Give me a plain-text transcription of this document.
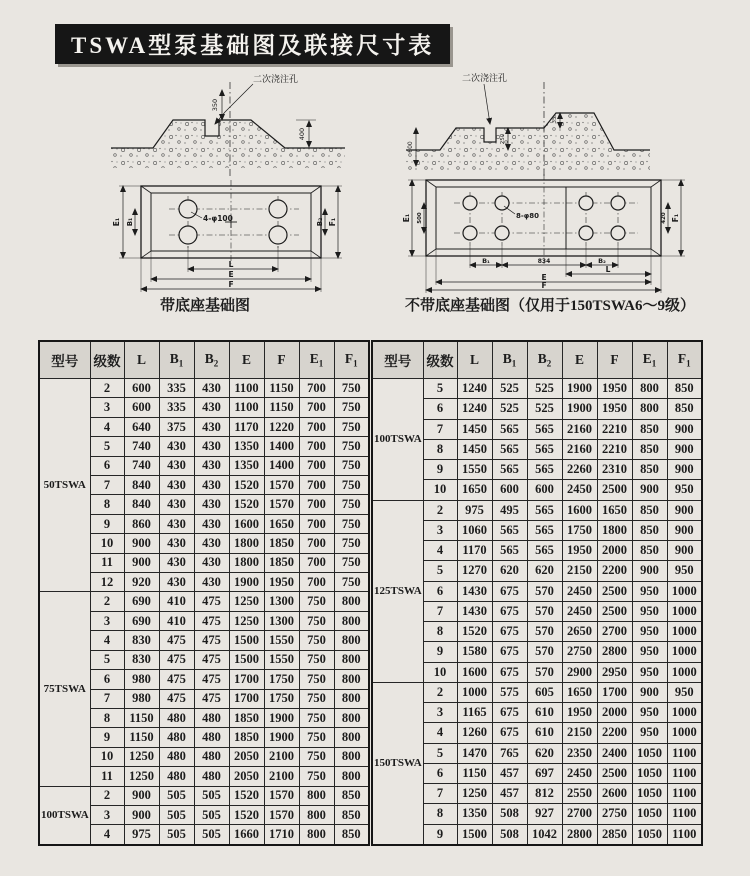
TSWA型泵基础图及联接尺寸表
350
二次浇注孔
400
4-φ100
E₁ B₁	B₂ F₁
L
E
F
二次浇注孔
600
250
35
8-φ80
E₁ 500	420 F₁
B₁	834	B₂
L
E
F
带底座基础图	不带底座基础图（仅用于150TSWA6～9级）
型号	级数	L	$B_1$	$B_2$	E	F	$E_1$	$F_1$
50TSWA	2	600	335	430	1100	1150	700	750
	3	600	335	430	1100	1150	700	750
	4	640	375	430	1170	1220	700	750
	5	740	430	430	1350	1400	700	750
	6	740	430	430	1350	1400	700	750
	7	840	430	430	1520	1570	700	750
	8	840	430	430	1520	1570	700	750
	9	860	430	430	1600	1650	700	750
	10	900	430	430	1800	1850	700	750
	11	900	430	430	1800	1850	700	750
	12	920	430	430	1900	1950	700	750
75TSWA	2	690	410	475	1250	1300	750	800
	3	690	410	475	1250	1300	750	800
	4	830	475	475	1500	1550	750	800
	5	830	475	475	1500	1550	750	800
	6	980	475	475	1700	1750	750	800
	7	980	475	475	1700	1750	750	800
	8	1150	480	480	1850	1900	750	800
	9	1150	480	480	1850	1900	750	800
	10	1250	480	480	2050	2100	750	800
	11	1250	480	480	2050	2100	750	800
100TSWA	2	900	505	505	1520	1570	800	850
	3	900	505	505	1520	1570	800	850
	4	975	505	505	1660	1710	800	850
型号	级数	L	$B_1$	$B_2$	E	F	$E_1$	$F_1$
100TSWA	5	1240	525	525	1900	1950	800	850
	6	1240	525	525	1900	1950	800	850
	7	1450	565	565	2160	2210	850	900
	8	1450	565	565	2160	2210	850	900
	9	1550	565	565	2260	2310	850	900
	10	1650	600	600	2450	2500	900	950
125TSWA	2	975	495	565	1600	1650	850	900
	3	1060	565	565	1750	1800	850	900
	4	1170	565	565	1950	2000	850	900
	5	1270	620	620	2150	2200	900	950
	6	1430	675	570	2450	2500	950	1000
	7	1430	675	570	2450	2500	950	1000
	8	1520	675	570	2650	2700	950	1000
	9	1580	675	570	2750	2800	950	1000
	10	1600	675	570	2900	2950	950	1000
150TSWA	2	1000	575	605	1650	1700	900	950
	3	1165	675	610	1950	2000	950	1000
	4	1260	675	610	2150	2200	950	1000
	5	1470	765	620	2350	2400	1050	1100
	6	1150	457	697	2450	2500	1050	1100
	7	1250	457	812	2550	2600	1050	1100
	8	1350	508	927	2700	2750	1050	1100
	9	1500	508	1042	2800	2850	1050	1100
